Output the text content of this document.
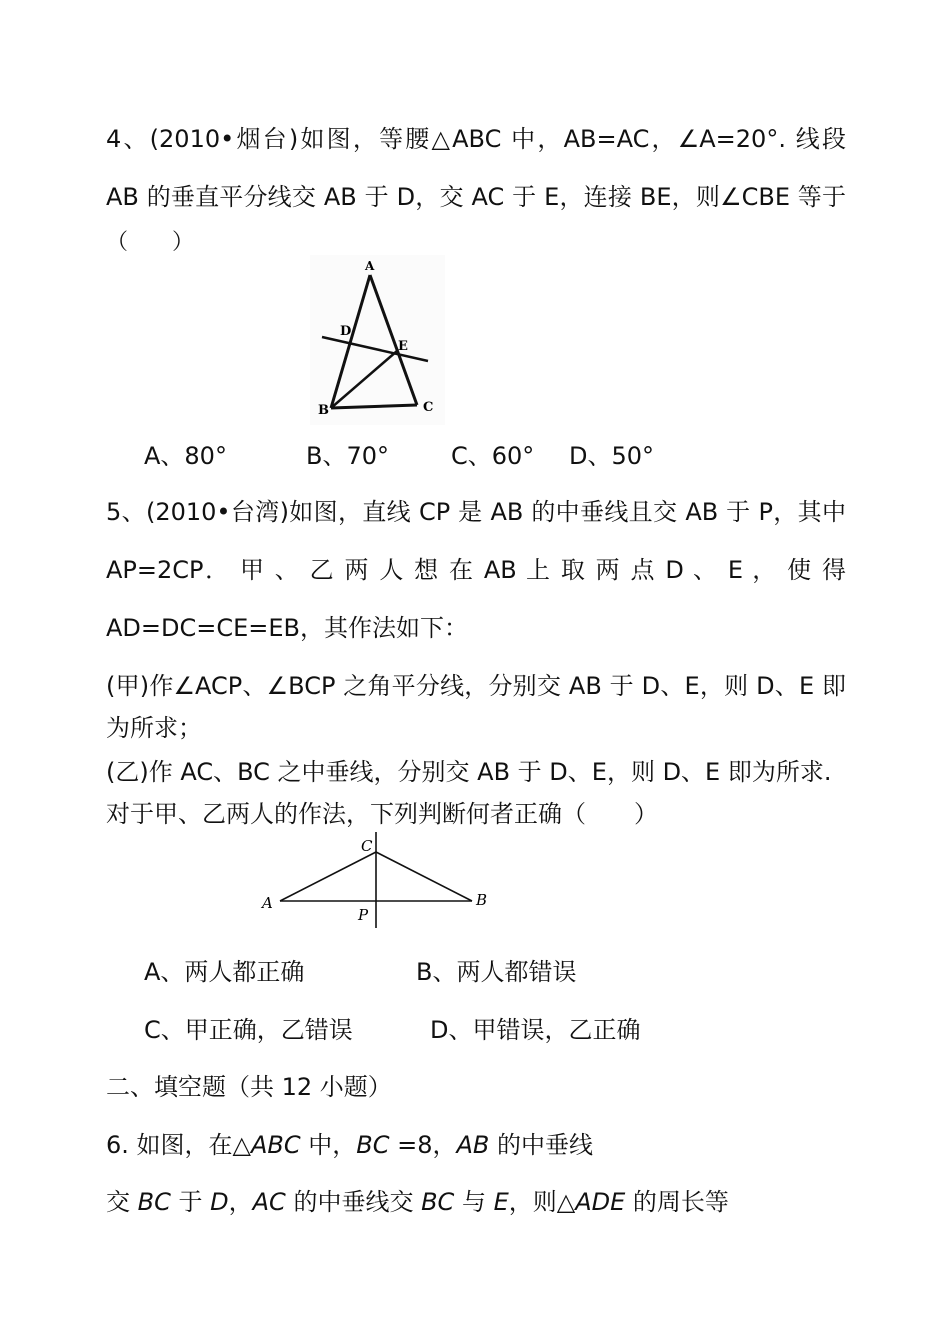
4、(2010•烟台)如图，等腰△ABC 中，AB=AC，∠A=20°. 线段
AB 的垂直平分线交 AB 于 D，交 AC 于 E，连接 BE，则∠CBE 等于
（　　）
A
D
E
B	C
A、80°	B、70°	C、60° D、50°
5、(2010•台湾)如图，直线 CP 是 AB 的中垂线且交 AB 于 P，其中
AP=2CP． 甲 、 乙 两 人 想 在 AB 上 取 两 点 D 、 E ， 使 得
AD=DC=CE=EB，其作法如下：
(甲)作∠ACP、∠BCP 之角平分线，分别交 AB 于 D、E，则 D、E 即
为所求；
(乙)作 AC、BC 之中垂线，分别交 AB 于 D、E，则 D、E 即为所求.
对于甲、乙两人的作法，下列判断何者正确（　　）
C
A	B
P
A、两人都正确	B、两人都错误
C、甲正确，乙错误	D、甲错误，乙正确
二、填空题（共 12 小题）
6. 如图，在△ABC 中，BC =8，AB 的中垂线
交 BC 于 D，AC 的中垂线交 BC 与 E，则△ADE 的周长等
